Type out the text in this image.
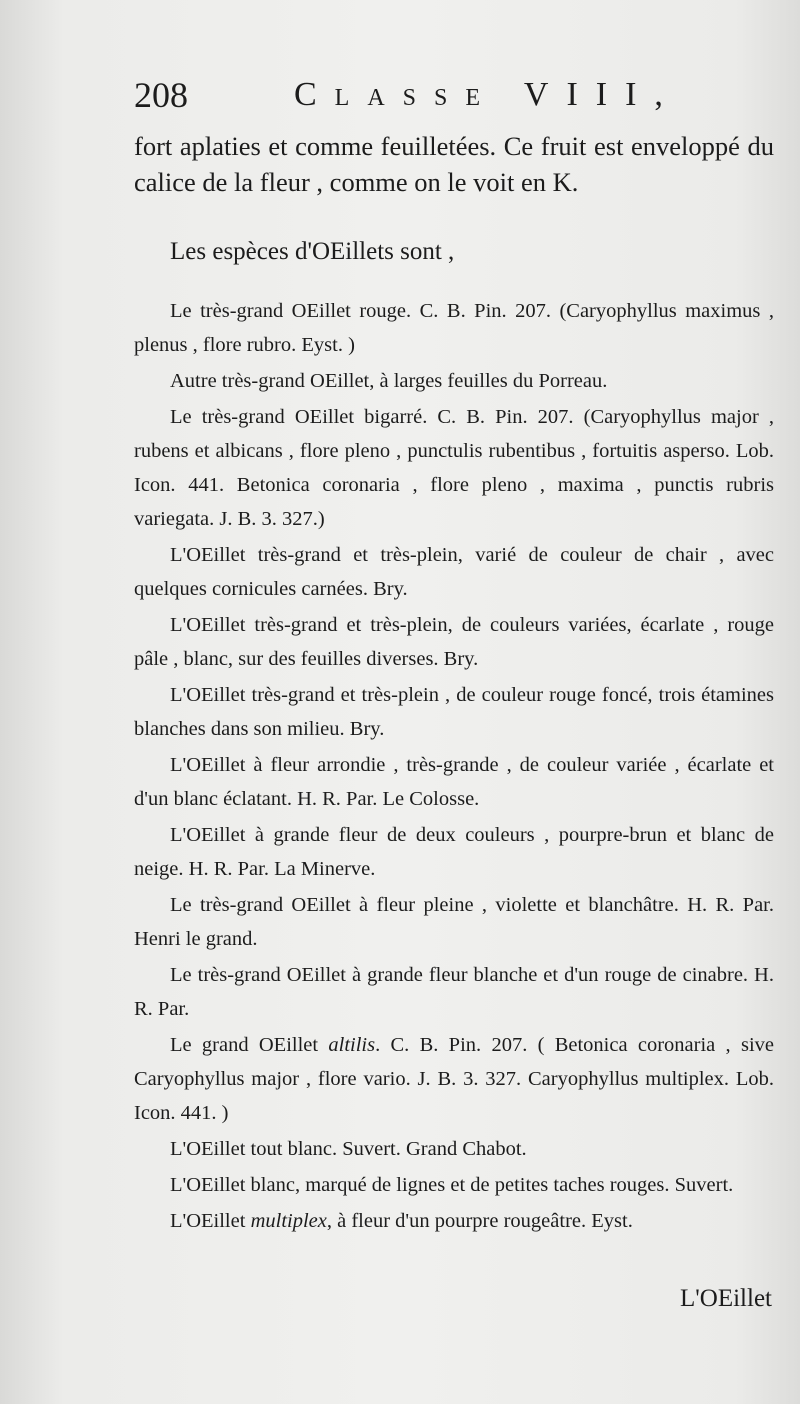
208	Classe VIII,

fort aplaties et comme feuilletées. Ce fruit est enveloppé du calice de la fleur , comme on le voit en K.

Les espèces d'OEillets sont ,

Le très-grand OEillet rouge. C. B. Pin. 207. (Caryophyllus maximus , plenus , flore rubro. Eyst. )

Autre très-grand OEillet, à larges feuilles du Porreau.

Le très-grand OEillet bigarré. C. B. Pin. 207. (Caryophyllus major , rubens et albicans , flore pleno , punctulis rubentibus , fortuitis asperso. Lob. Icon. 441. Betonica coronaria , flore pleno , maxima , punctis rubris variegata. J. B. 3. 327.)

L'OEillet très-grand et très-plein, varié de couleur de chair , avec quelques cornicules carnées. Bry.

L'OEillet très-grand et très-plein, de couleurs variées, écarlate , rouge pâle , blanc, sur des feuilles diverses. Bry.

L'OEillet très-grand et très-plein , de couleur rouge foncé, trois étamines blanches dans son milieu. Bry.

L'OEillet à fleur arrondie , très-grande , de couleur variée , écarlate et d'un blanc éclatant. H. R. Par. Le Colosse.

L'OEillet à grande fleur de deux couleurs , pourpre-brun et blanc de neige. H. R. Par. La Minerve.

Le très-grand OEillet à fleur pleine , violette et blanchâtre. H. R. Par. Henri le grand.

Le très-grand OEillet à grande fleur blanche et d'un rouge de cinabre. H. R. Par.

Le grand OEillet altilis. C. B. Pin. 207. ( Betonica coronaria , sive Caryophyllus major , flore vario. J. B. 3. 327. Caryophyllus multiplex. Lob. Icon. 441. )

L'OEillet tout blanc. Suvert. Grand Chabot.

L'OEillet blanc, marqué de lignes et de petites taches rouges. Suvert.

L'OEillet multiplex, à fleur d'un pourpre rougeâtre. Eyst.

L'OEillet
